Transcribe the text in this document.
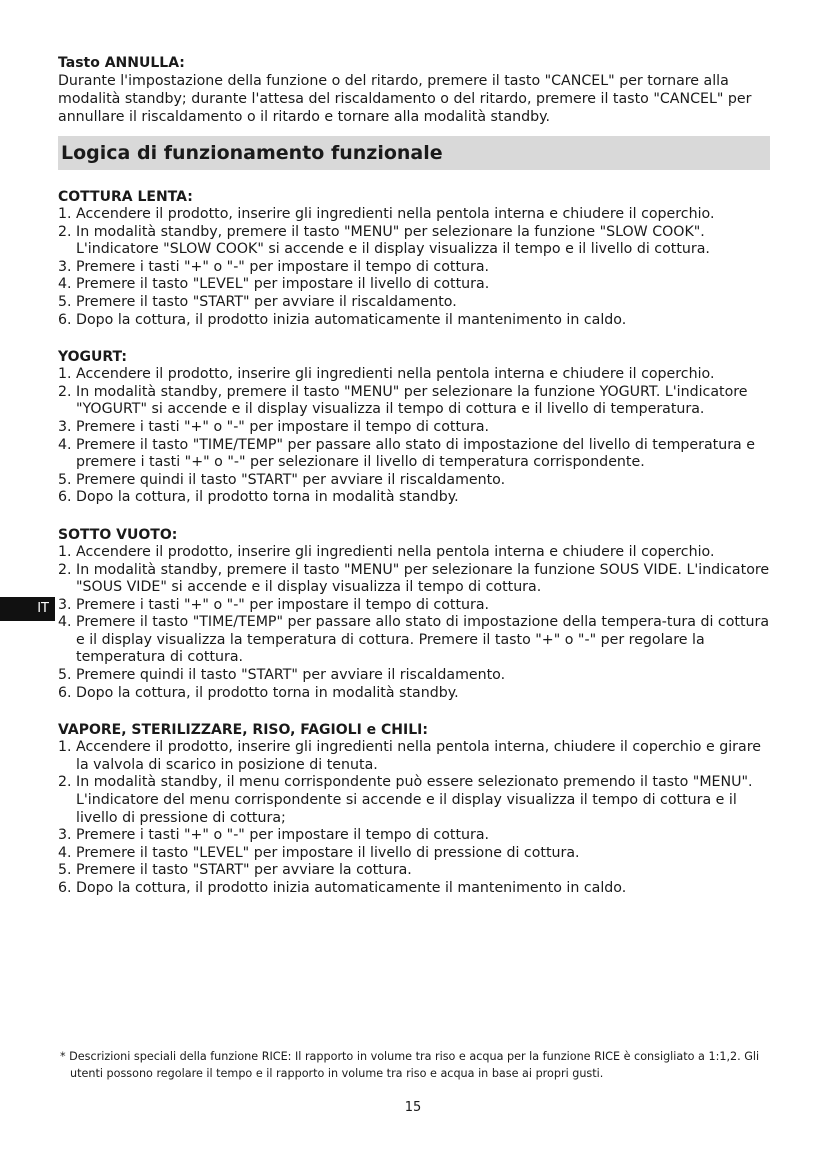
Tasto ANNULLA:

Durante l'impostazione della funzione o del ritardo, premere il tasto "CANCEL" per tornare alla modalità standby; durante l'attesa del riscaldamento o del ritardo, premere il tasto "CANCEL" per annullare il riscaldamento o il ritardo e tornare alla modalità standby.

Logica di funzionamento funzionale

COTTURA LENTA:

1. Accendere il prodotto, inserire gli ingredienti nella pentola interna e chiudere il coperchio.
2. In modalità standby, premere il tasto "MENU" per selezionare la funzione "SLOW COOK". L'indicatore "SLOW COOK" si accende e il display visualizza il tempo e il livello di cottura.
3. Premere i tasti "+" o "-" per impostare il tempo di cottura.
4. Premere il tasto "LEVEL" per impostare il livello di cottura.
5. Premere il tasto "START" per avviare il riscaldamento.
6. Dopo la cottura, il prodotto inizia automaticamente il mantenimento in caldo.

YOGURT:

1. Accendere il prodotto, inserire gli ingredienti nella pentola interna e chiudere il coperchio.
2. In modalità standby, premere il tasto "MENU" per selezionare la funzione YOGURT. L'indicatore "YOGURT" si accende e il display visualizza il tempo di cottura e il livello di temperatura.
3. Premere i tasti "+" o "-" per impostare il tempo di cottura.
4. Premere il tasto "TIME/TEMP" per passare allo stato di impostazione del livello di temperatura e premere i tasti "+" o "-" per selezionare il livello di temperatura corrispondente.
5. Premere quindi il tasto "START" per avviare il riscaldamento.
6. Dopo la cottura, il prodotto torna in modalità standby.

SOTTO VUOTO:

1. Accendere il prodotto, inserire gli ingredienti nella pentola interna e chiudere il coperchio.
2. In modalità standby, premere il tasto "MENU" per selezionare la funzione SOUS VIDE. L'indicatore "SOUS VIDE" si accende e il display visualizza il tempo di cottura.
3. Premere i tasti "+" o "-" per impostare il tempo di cottura.
4. Premere il tasto "TIME/TEMP" per passare allo stato di impostazione della tempera-tura di cottura e il display visualizza la temperatura di cottura. Premere il tasto "+" o "-" per regolare la temperatura di cottura.
5. Premere quindi il tasto "START" per avviare il riscaldamento.
6. Dopo la cottura, il prodotto torna in modalità standby.

VAPORE, STERILIZZARE, RISO, FAGIOLI e CHILI:

1. Accendere il prodotto, inserire gli ingredienti nella pentola interna, chiudere il coperchio e girare la valvola di scarico in posizione di tenuta.
2. In modalità standby, il menu corrispondente può essere selezionato premendo il tasto "MENU". L'indicatore del menu corrispondente si accende e il display visualizza il tempo di cottura e il livello di pressione di cottura;
3. Premere i tasti "+" o "-" per impostare il tempo di cottura.
4. Premere il tasto "LEVEL" per impostare il livello di pressione di cottura.
5. Premere il tasto "START" per avviare la cottura.
6. Dopo la cottura, il prodotto inizia automaticamente il mantenimento in caldo.
* Descrizioni speciali della funzione RICE: Il rapporto in volume tra riso e acqua per la funzione RICE è consigliato a 1:1,2. Gli utenti possono regolare il tempo e il rapporto in volume tra riso e acqua in base ai propri gusti.
15
IT
